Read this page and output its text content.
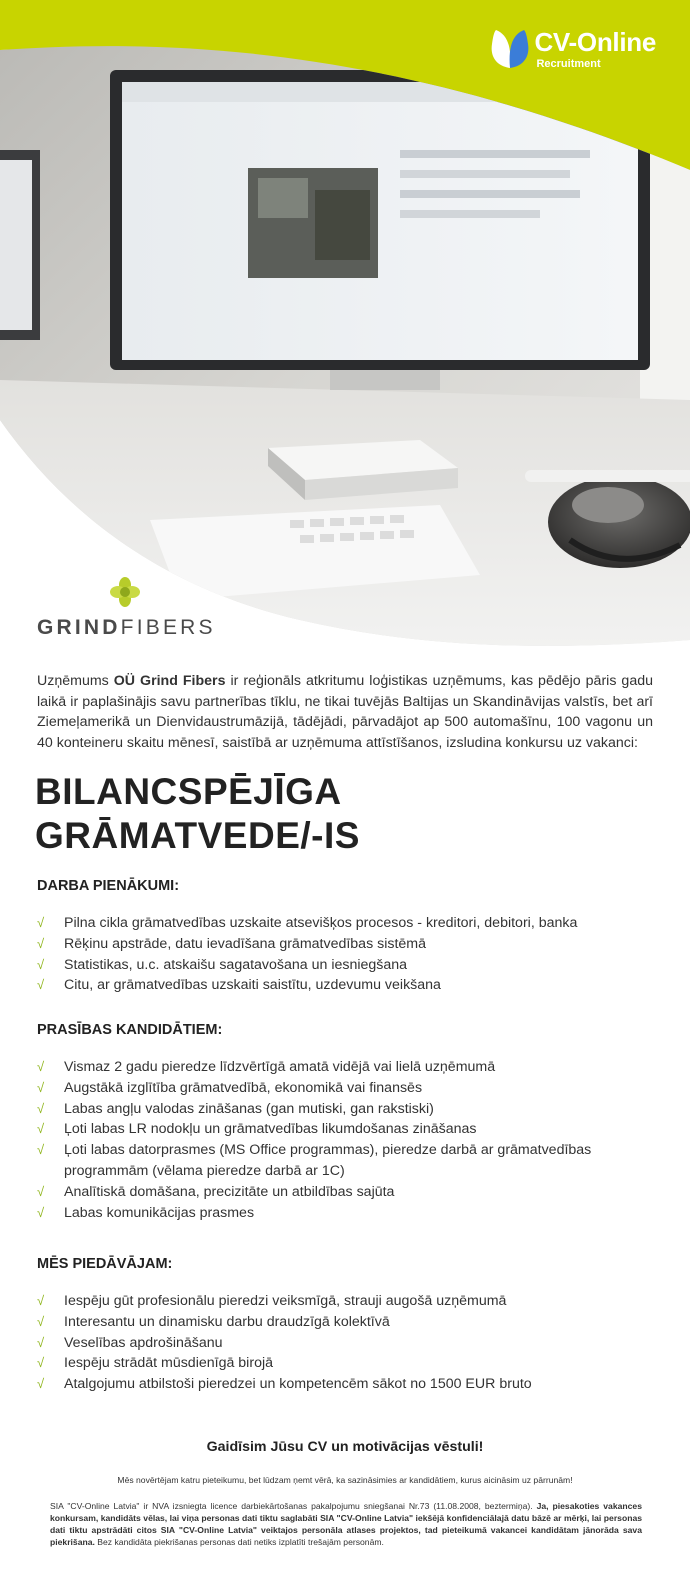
CV-Online
Recruitment
GRINDFIBERS
Uzņēmums OÜ Grind Fibers ir reģionāls atkritumu loģistikas uzņēmums, kas pēdējo pāris gadu laikā ir paplašinājis savu partnerības tīklu, ne tikai tuvējās Baltijas un Skandināvijas valstīs, bet arī Ziemeļamerikā un Dienvidaustrumāzijā, tādējādi, pārvadājot ap 500 automašīnu, 100 vagonu un 40 konteineru skaitu mēnesī, saistībā ar uzņēmuma attīstīšanos, izsludina konkursu uz vakanci:
BILANCSPĒJĪGA
GRĀMATVEDE/-IS
DARBA PIENĀKUMI:
√	Pilna cikla grāmatvedības uzskaite atsevišķos procesos - kreditori, debitori, banka
√	Rēķinu apstrāde, datu ievadīšana grāmatvedības sistēmā
√	Statistikas, u.c. atskaišu sagatavošana un iesniegšana
√	Citu, ar grāmatvedības uzskaiti saistītu, uzdevumu veikšana
PRASĪBAS KANDIDĀTIEM:
√	Vismaz 2 gadu pieredze līdzvērtīgā amatā vidējā vai lielā uzņēmumā
√	Augstākā izglītība grāmatvedībā, ekonomikā vai finansēs
√	Labas angļu valodas zināšanas (gan mutiski, gan rakstiski)
√	Ļoti labas LR nodokļu un grāmatvedības likumdošanas zināšanas
√	Ļoti labas datorprasmes (MS Office programmas), pieredze darbā ar grāmatvedības programmām (vēlama pieredze darbā ar 1C)
√	Analītiskā domāšana, precizitāte un atbildības sajūta
√	Labas komunikācijas prasmes
MĒS PIEDĀVĀJAM:
√	Iespēju gūt profesionālu pieredzi veiksmīgā, strauji augošā uzņēmumā
√	Interesantu un dinamisku darbu draudzīgā kolektīvā
√	Veselības apdrošināšanu
√	Iespēju strādāt mūsdienīgā birojā
√	Atalgojumu atbilstoši pieredzei un kompetencēm sākot no 1500 EUR bruto
Gaidīsim Jūsu CV un motivācijas vēstuli!
Mēs novērtējam katru pieteikumu, bet lūdzam ņemt vērā, ka sazināsimies ar kandidātiem, kurus aicināsim uz pārrunām!
SIA "CV-Online Latvia" ir NVA izsniegta licence darbiekārtošanas pakalpojumu sniegšanai Nr.73 (11.08.2008, beztermiņa). Ja, piesakoties vakances konkursam, kandidāts vēlas, lai viņa personas dati tiktu saglabāti SIA "CV-Online Latvia" iekšējā konfidenciālajā datu bāzē ar mērķi, lai personas dati tiktu apstrādāti citos SIA "CV-Online Latvia" veiktajos personāla atlases projektos, tad pieteikumā vakancei kandidātam jānorāda sava piekrišana. Bez kandidāta piekrišanas personas dati netiks izplatīti trešajām personām.
